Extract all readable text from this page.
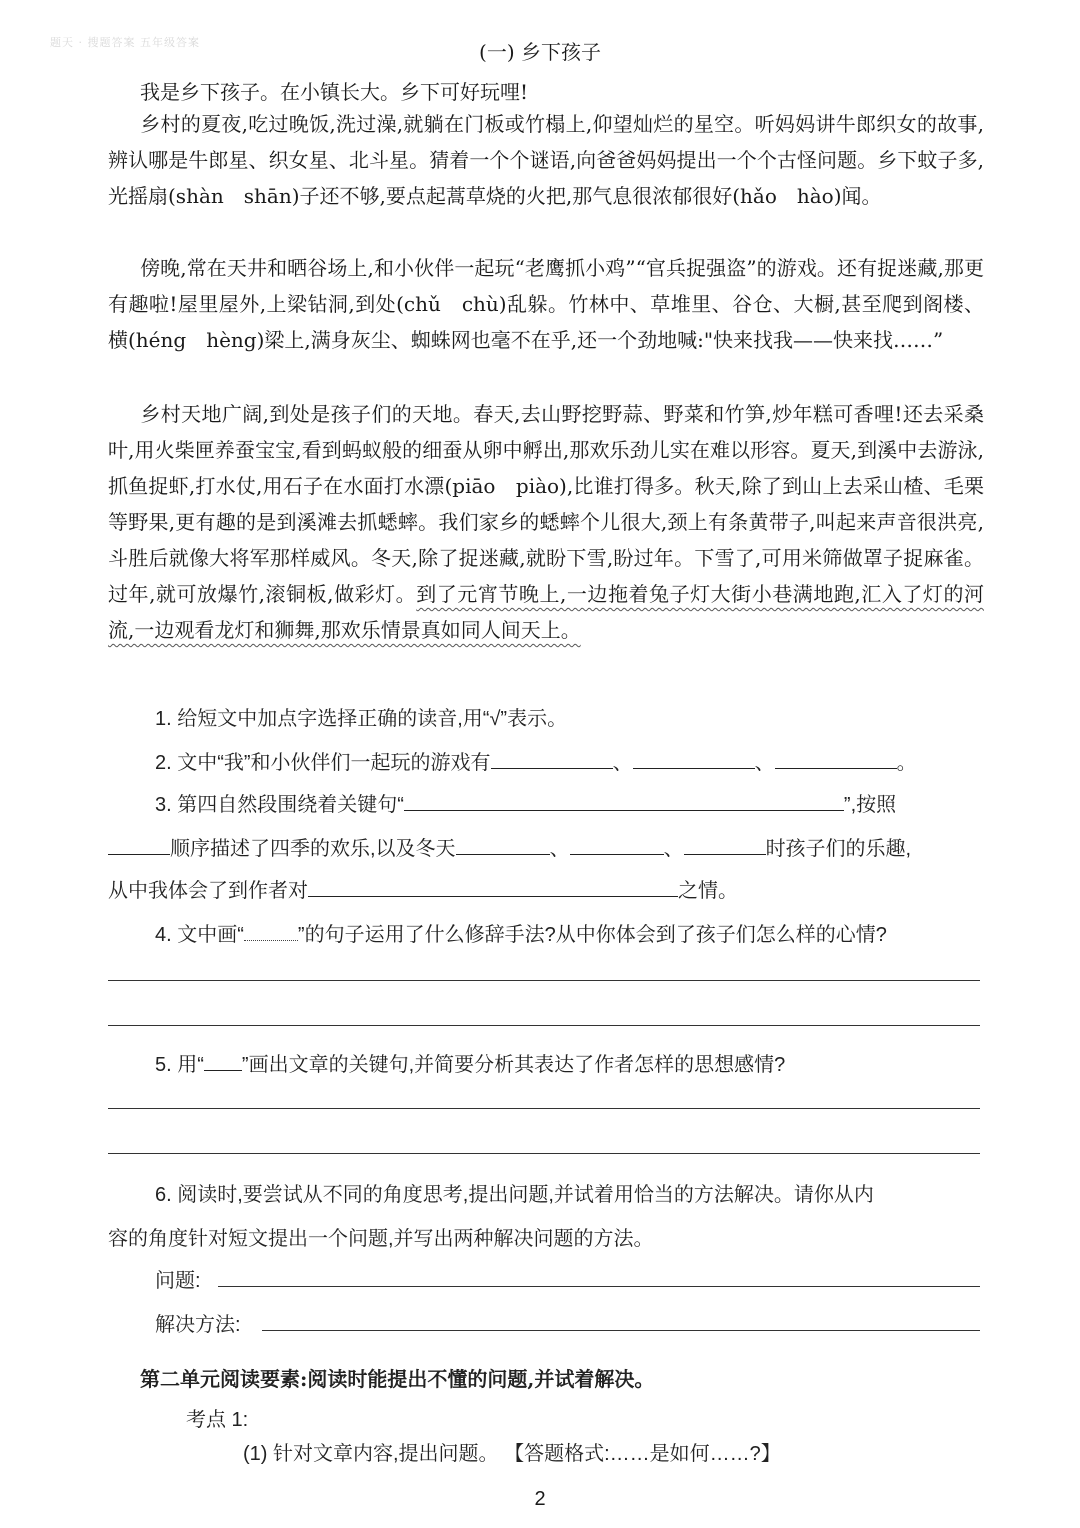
题天 · 搜题答案 五年级答案	(一) 乡下孩子

我是乡下孩子。在小镇长大。乡下可好玩哩!

乡村的夏夜,吃过晚饭,洗过澡,就躺在门板或竹榻上,仰望灿烂的星空。听妈妈讲牛郎织女的故事,辨认哪是牛郎星、织女星、北斗星。猜着一个个谜语,向爸爸妈妈提出一个个古怪问题。乡下蚊子多,光摇扇(shàn　shān)子还不够,要点起蒿草烧的火把,那气息很浓郁很好(hǎo　hào)闻。

傍晚,常在天井和晒谷场上,和小伙伴一起玩“老鹰抓小鸡”“官兵捉强盗”的游戏。还有捉迷藏,那更有趣啦!屋里屋外,上梁钻洞,到处(chǔ　chù)乱躲。竹林中、草堆里、谷仓、大橱,甚至爬到阁楼、横(héng　hèng)梁上,满身灰尘、蜘蛛网也毫不在乎,还一个劲地喊:"快来找我——快来找……”

乡村天地广阔,到处是孩子们的天地。春天,去山野挖野蒜、野菜和竹笋,炒年糕可香哩!还去采桑叶,用火柴匣养蚕宝宝,看到蚂蚁般的细蚕从卵中孵出,那欢乐劲儿实在难以形容。夏天,到溪中去游泳,抓鱼捉虾,打水仗,用石子在水面打水漂(piāo　piào),比谁打得多。秋天,除了到山上去采山楂、毛栗等野果,更有趣的是到溪滩去抓蟋蟀。我们家乡的蟋蟀个儿很大,颈上有条黄带子,叫起来声音很洪亮,斗胜后就像大将军那样威风。冬天,除了捉迷藏,就盼下雪,盼过年。下雪了,可用米筛做罩子捉麻雀。过年,就可放爆竹,滚铜板,做彩灯。到了元宵节晚上,一边拖着兔子灯大街小巷满地跑,汇入了灯的河流,一边观看龙灯和狮舞,那欢乐情景真如同人间天上。

1. 给短文中加点字选择正确的读音,用“√”表示。
2. 文中“我”和小伙伴们一起玩的游戏有	、	、	。
3. 第四自然段围绕着关键句“	”,按照
顺序描述了四季的欢乐,以及冬天	、	、	时孩子们的乐趣,
从中我体会了到作者对	之情。
4. 文中画“	”的句子运用了什么修辞手法?从中你体会到了孩子们怎么样的心情?
5. 用“ ”画出文章的关键句,并简要分析其表达了作者怎样的思想感情?
6. 阅读时,要尝试从不同的角度思考,提出问题,并试着用恰当的方法解决。请你从内
容的角度针对短文提出一个问题,并写出两种解决问题的方法。
问题:
解决方法:
第二单元阅读要素:阅读时能提出不懂的问题,并试着解决。
考点 1:
(1) 针对文章内容,提出问题。 【答题格式:……是如何……?】
2
